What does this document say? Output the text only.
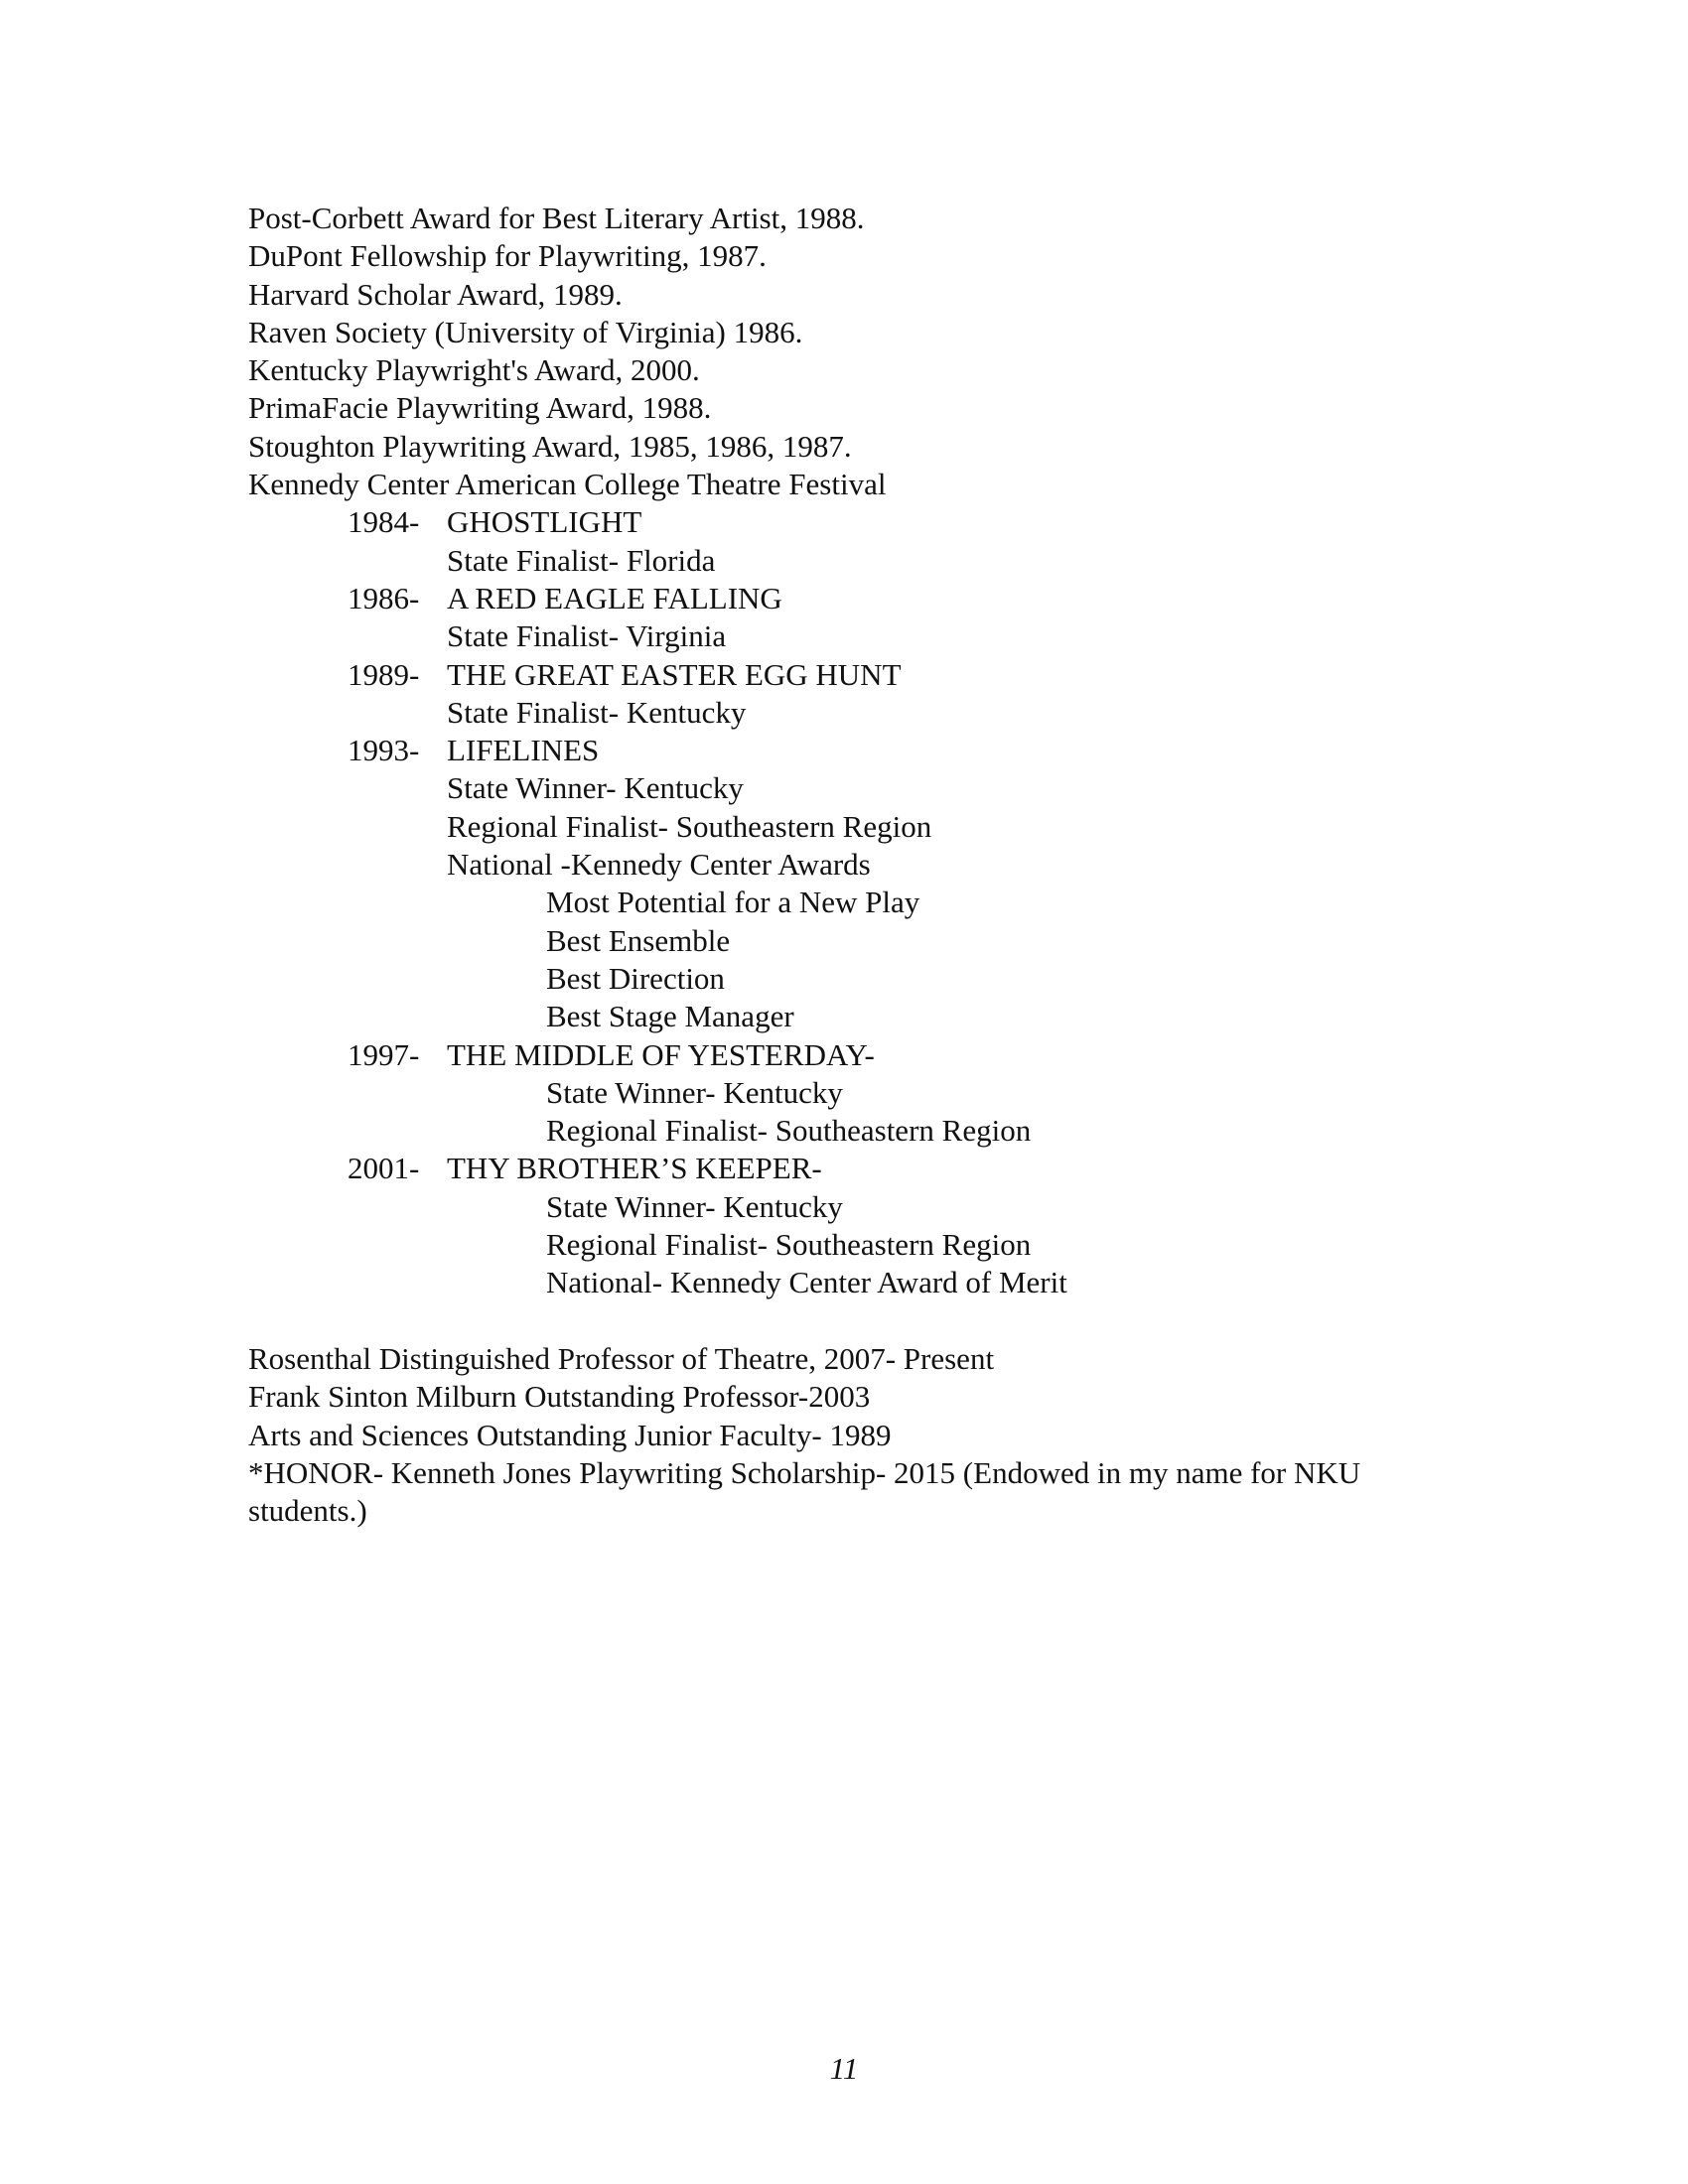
Post-Corbett Award for Best Literary Artist, 1988.

DuPont Fellowship for Playwriting, 1987.

Harvard Scholar Award, 1989.

Raven Society (University of Virginia) 1986.

Kentucky Playwright's Award, 2000.

PrimaFacie Playwriting Award, 1988.

Stoughton Playwriting Award, 1985, 1986, 1987.

Kennedy Center American College Theatre Festival

1984- GHOSTLIGHT

State Finalist- Florida

1986- A RED EAGLE FALLING

State Finalist- Virginia

1989- THE GREAT EASTER EGG HUNT

State Finalist- Kentucky

1993- LIFELINES

State Winner- Kentucky

Regional Finalist- Southeastern Region

National -Kennedy Center Awards

Most Potential for a New Play

Best Ensemble

Best Direction

Best Stage Manager

1997- THE MIDDLE OF YESTERDAY-

State Winner- Kentucky

Regional Finalist- Southeastern Region

2001- THY BROTHER’S KEEPER-

State Winner- Kentucky

Regional Finalist- Southeastern Region

National- Kennedy Center Award of Merit

Rosenthal Distinguished Professor of Theatre, 2007- Present

Frank Sinton Milburn Outstanding Professor-2003

Arts and Sciences Outstanding Junior Faculty- 1989

*HONOR- Kenneth Jones Playwriting Scholarship- 2015 (Endowed in my name for NKU students.)

11
